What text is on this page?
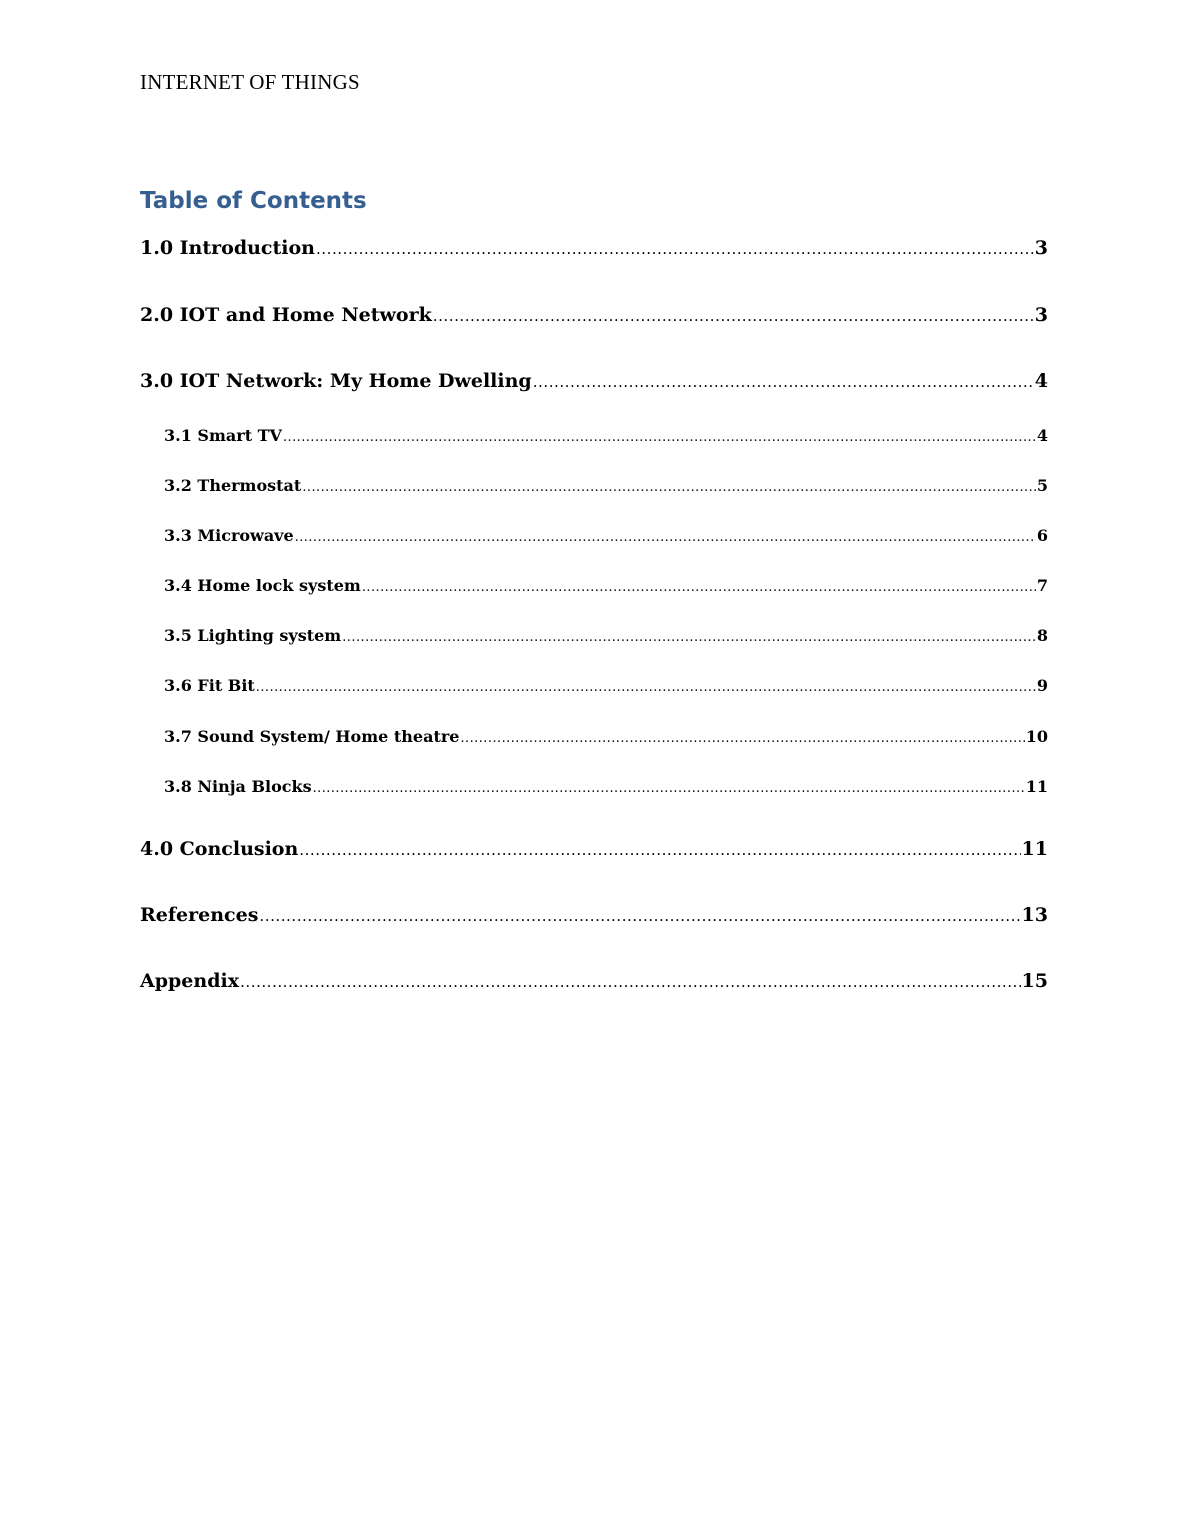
INTERNET OF THINGS
Table of Contents
1.0 Introduction .....	3
2.0 IOT and Home Network .....	3
3.0 IOT Network: My Home Dwelling .....	4
3.1 Smart TV .....	4
3.2 Thermostat .....	5
3.3 Microwave .....	6
3.4 Home lock system .....	7
3.5 Lighting system .....	8
3.6 Fit Bit .....	9
3.7 Sound System/ Home theatre .....	10
3.8 Ninja Blocks .....	11
4.0 Conclusion .....	11
References .....	13
Appendix .....	15
